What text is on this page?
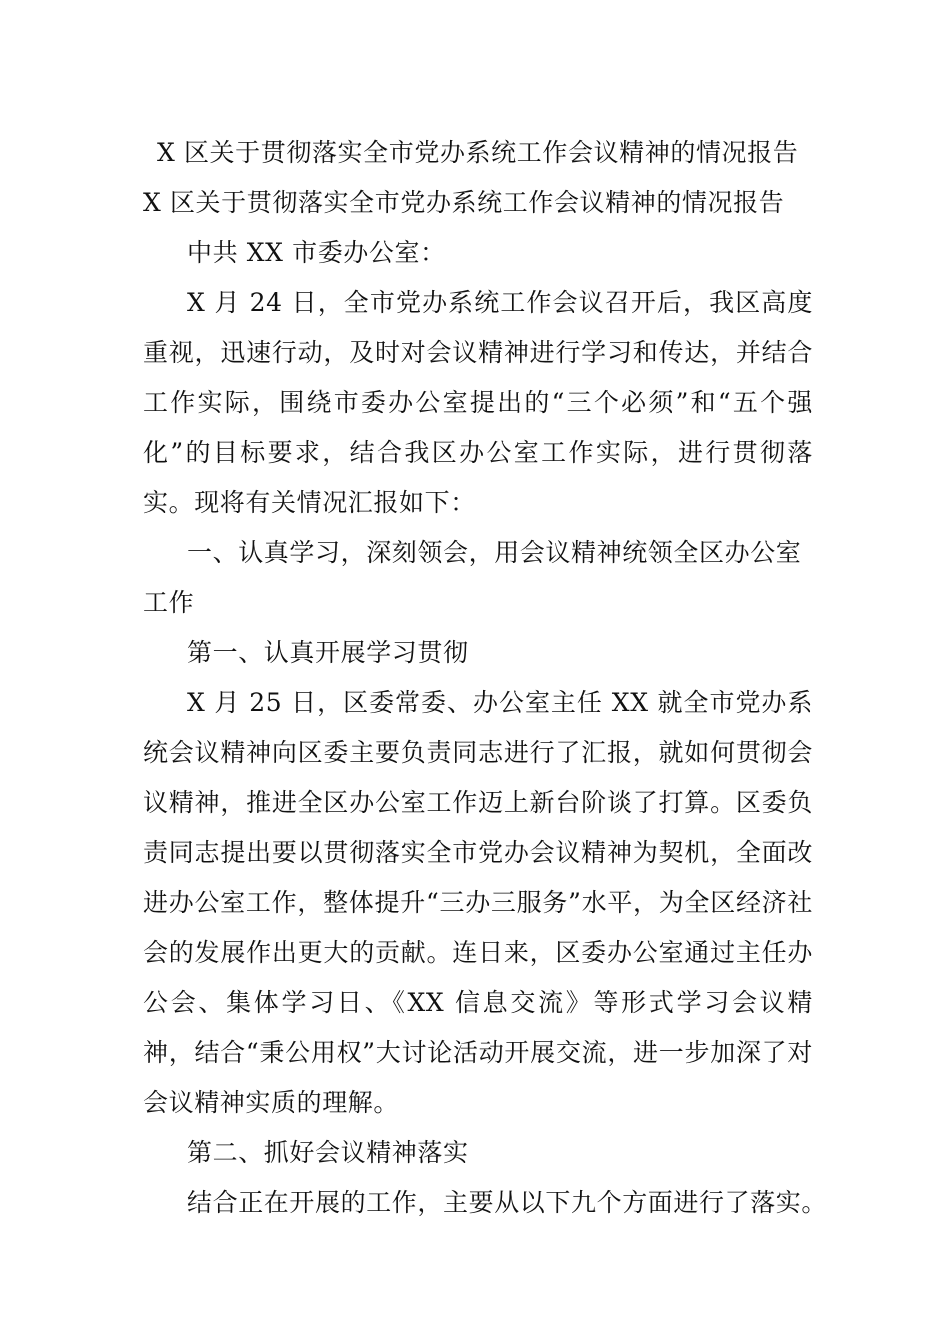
X 区关于贯彻落实全市党办系统工作会议精神的情况报告
X 区关于贯彻落实全市党办系统工作会议精神的情况报告
中共 XX 市委办公室：
X 月 24 日，全市党办系统工作会议召开后，我区高度重视，迅速行动，及时对会议精神进行学习和传达，并结合工作实际，围绕市委办公室提出的“三个必须”和“五个强化”的目标要求，结合我区办公室工作实际，进行贯彻落实。现将有关情况汇报如下：
一、认真学习，深刻领会，用会议精神统领全区办公室工作
第一、认真开展学习贯彻
X 月 25 日，区委常委、办公室主任 XX 就全市党办系统会议精神向区委主要负责同志进行了汇报，就如何贯彻会议精神，推进全区办公室工作迈上新台阶谈了打算。区委负责同志提出要以贯彻落实全市党办会议精神为契机，全面改进办公室工作，整体提升“三办三服务”水平，为全区经济社会的发展作出更大的贡献。连日来，区委办公室通过主任办公会、集体学习日、《XX 信息交流》等形式学习会议精神，结合“秉公用权”大讨论活动开展交流，进一步加深了对会议精神实质的理解。
第二、抓好会议精神落实
结合正在开展的工作，主要从以下九个方面进行了落实。
